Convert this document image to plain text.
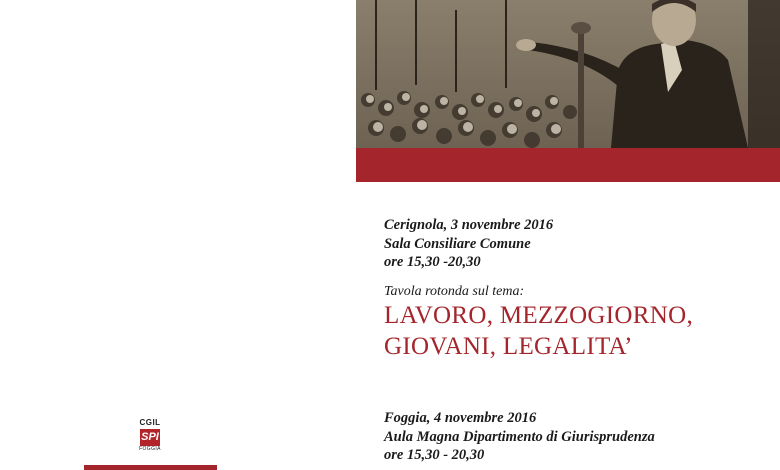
Cerignola, 3 novembre 2016
Sala Consiliare Comune
ore 15,30 -20,30
Tavola rotonda sul tema:
LAVORO, MEZZOGIORNO,
GIOVANI, LEGALITA’
Foggia, 4 novembre 2016
Aula Magna Dipartimento di Giurisprudenza
ore 15,30 - 20,30
CGIL
SPI
FOGGIA
